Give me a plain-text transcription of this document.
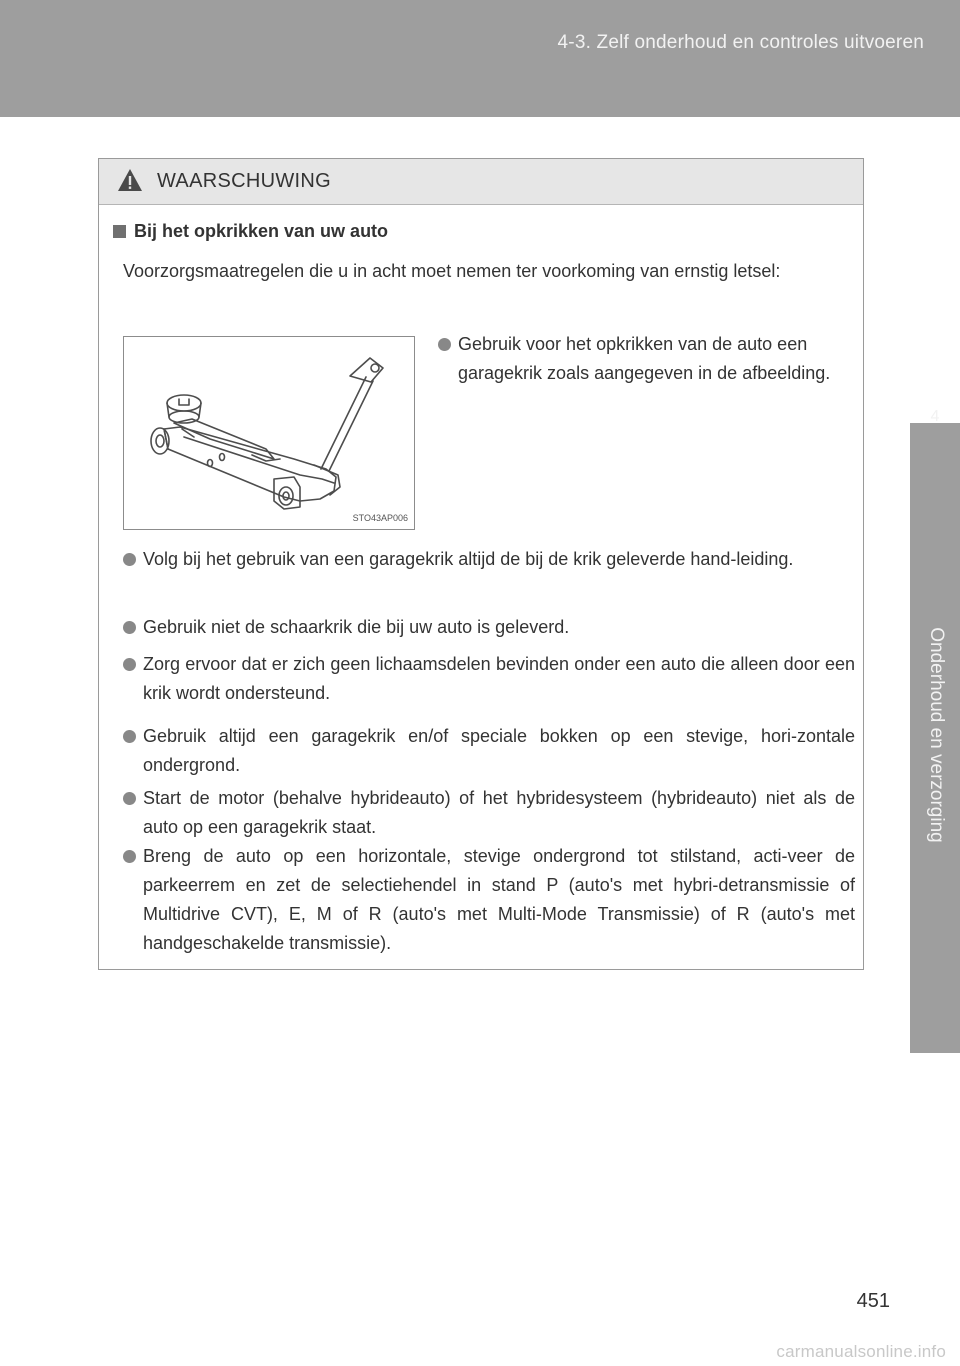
4-3. Zelf onderhoud en controles uitvoeren
4
Onderhoud en verzorging
WAARSCHUWING
Bij het opkrikken van uw auto
Voorzorgsmaatregelen die u in acht moet nemen ter voorkoming van ernstig letsel:
STO43AP006
Gebruik voor het opkrikken van de auto een garagekrik zoals aangegeven in de afbeelding.
Volg bij het gebruik van een garagekrik altijd de bij de krik geleverde hand-leiding.
Gebruik niet de schaarkrik die bij uw auto is geleverd.
Zorg ervoor dat er zich geen lichaamsdelen bevinden onder een auto die alleen door een krik wordt ondersteund.
Gebruik altijd een garagekrik en/of speciale bokken op een stevige, hori-zontale ondergrond.
Start de motor (behalve hybrideauto) of het hybridesysteem (hybrideauto) niet als de auto op een garagekrik staat.
Breng de auto op een horizontale, stevige ondergrond tot stilstand, acti-veer de parkeerrem en zet de selectiehendel in stand P (auto's met hybri-detransmissie of Multidrive CVT), E, M of R (auto's met Multi-Mode Transmissie) of R (auto's met handgeschakelde transmissie).
451
carmanualsonline.info
